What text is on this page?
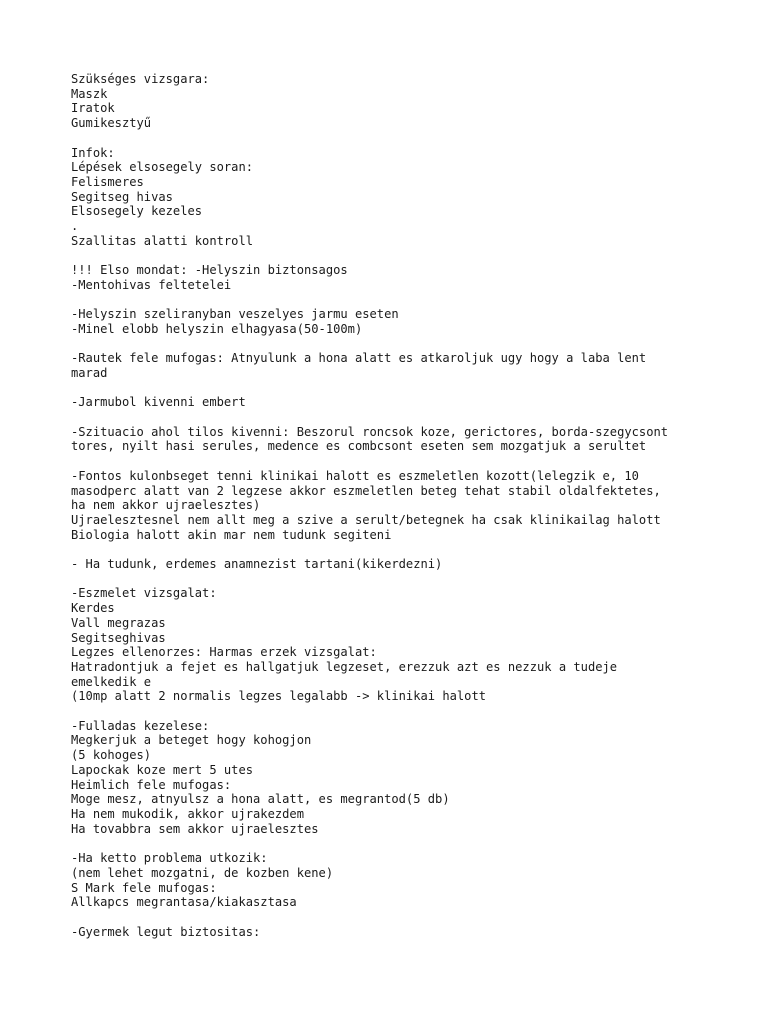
Szükséges vizsgara:
Maszk
Iratok
Gumikesztyű
Infok:
Lépések elsosegely soran:
Felismeres
Segitseg hivas
Elsosegely kezeles
.
Szallitas alatti kontroll
!!! Elso mondat: -Helyszin biztonsagos
-Mentohivas feltetelei
-Helyszin szeliranyban veszelyes jarmu eseten
-Minel elobb helyszin elhagyasa(50-100m)
-Rautek fele mufogas: Atnyulunk a hona alatt es atkaroljuk ugy hogy a laba lent
marad
-Jarmubol kivenni embert
-Szituacio ahol tilos kivenni: Beszorul roncsok koze, gerictores, borda-szegycsont
tores, nyilt hasi serules, medence es combcsont eseten sem mozgatjuk a serultet
-Fontos kulonbseget tenni klinikai halott es eszmeletlen kozott(lelegzik e, 10
masodperc alatt van 2 legzese akkor eszmeletlen beteg tehat stabil oldalfektetes,
ha nem akkor ujraelesztes)
Ujraelesztesnel nem allt meg a szive a serult/betegnek ha csak klinikailag halott
Biologia halott akin mar nem tudunk segiteni
- Ha tudunk, erdemes anamnezist tartani(kikerdezni)
-Eszmelet vizsgalat:
Kerdes
Vall megrazas
Segitseghivas
Legzes ellenorzes: Harmas erzek vizsgalat:
Hatradontjuk a fejet es hallgatjuk legzeset, erezzuk azt es nezzuk a tudeje
emelkedik e
(10mp alatt 2 normalis legzes legalabb -> klinikai halott
-Fulladas kezelese:
Megkerjuk a beteget hogy kohogjon
(5 kohoges)
Lapockak koze mert 5 utes
Heimlich fele mufogas:
Moge mesz, atnyulsz a hona alatt, es megrantod(5 db)
Ha nem mukodik, akkor ujrakezdem
Ha tovabbra sem akkor ujraelesztes
-Ha ketto problema utkozik:
(nem lehet mozgatni, de kozben kene)
S Mark fele mufogas:
Allkapcs megrantasa/kiakasztasa
-Gyermek legut biztositas:
